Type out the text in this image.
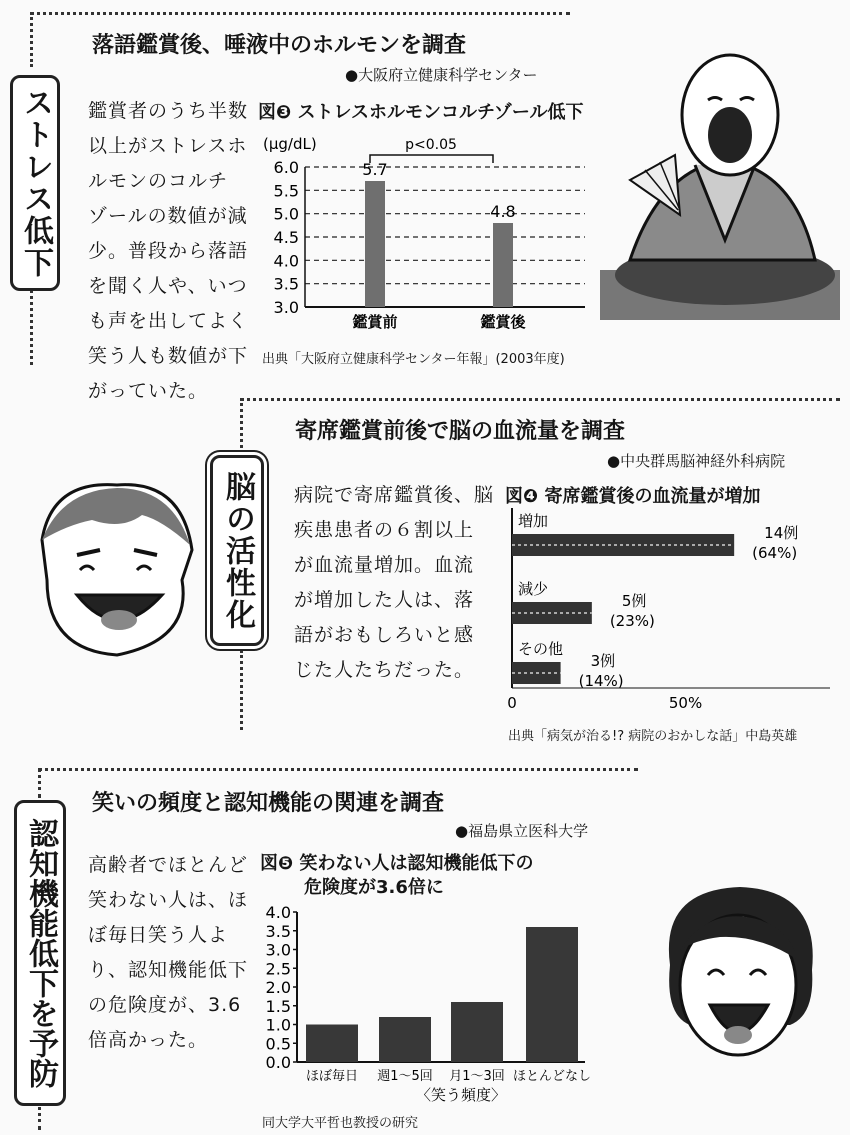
ストレス低下
落語鑑賞後、唾液中のホルモンを調査
●大阪府立健康科学センター
鑑賞者のうち半数
以上がストレスホ
ルモンのコルチ
ゾールの数値が減
少。普段から落語
を聞く人や、いつ
も声を出してよく
笑う人も数値が下
がっていた。
図❸ ストレスホルモンコルチゾール低下
(μg/dL)
3.0
3.5
4.0
4.5
5.0
5.5
6.0	5.7
鑑賞前
4.8
鑑賞後
p<0.05
出典「大阪府立健康科学センター年報」(2003年度)
脳の活性化
寄席鑑賞前後で脳の血流量を調査
●中央群馬脳神経外科病院
病院で寄席鑑賞後、脳
疾患患者の６割以上
が血流量増加。血流
が増加した人は、落
語がおもしろいと感
じた人たちだった。
図❹ 寄席鑑賞後の血流量が増加
増加
14例
(64%)
減少
5例
(23%)
その他
3例
(14%)
0	50%
出典「病気が治る!? 病院のおかしな話」中島英雄
認知機能低下を予防
笑いの頻度と認知機能の関連を調査
●福島県立医科大学
高齢者でほとんど
笑わない人は、ほ
ぼ毎日笑う人よ
り、認知機能低下
の危険度が、3.6
倍高かった。
図❺ 笑わない人は認知機能低下の
危険度が3.6倍に
0.0
0.5
1.0
1.5
2.0
2.5
3.0
3.5
4.0
ほぼ毎日 週1～5回 月1～3回 ほとんどなし
〈笑う頻度〉
同大学大平哲也教授の研究
